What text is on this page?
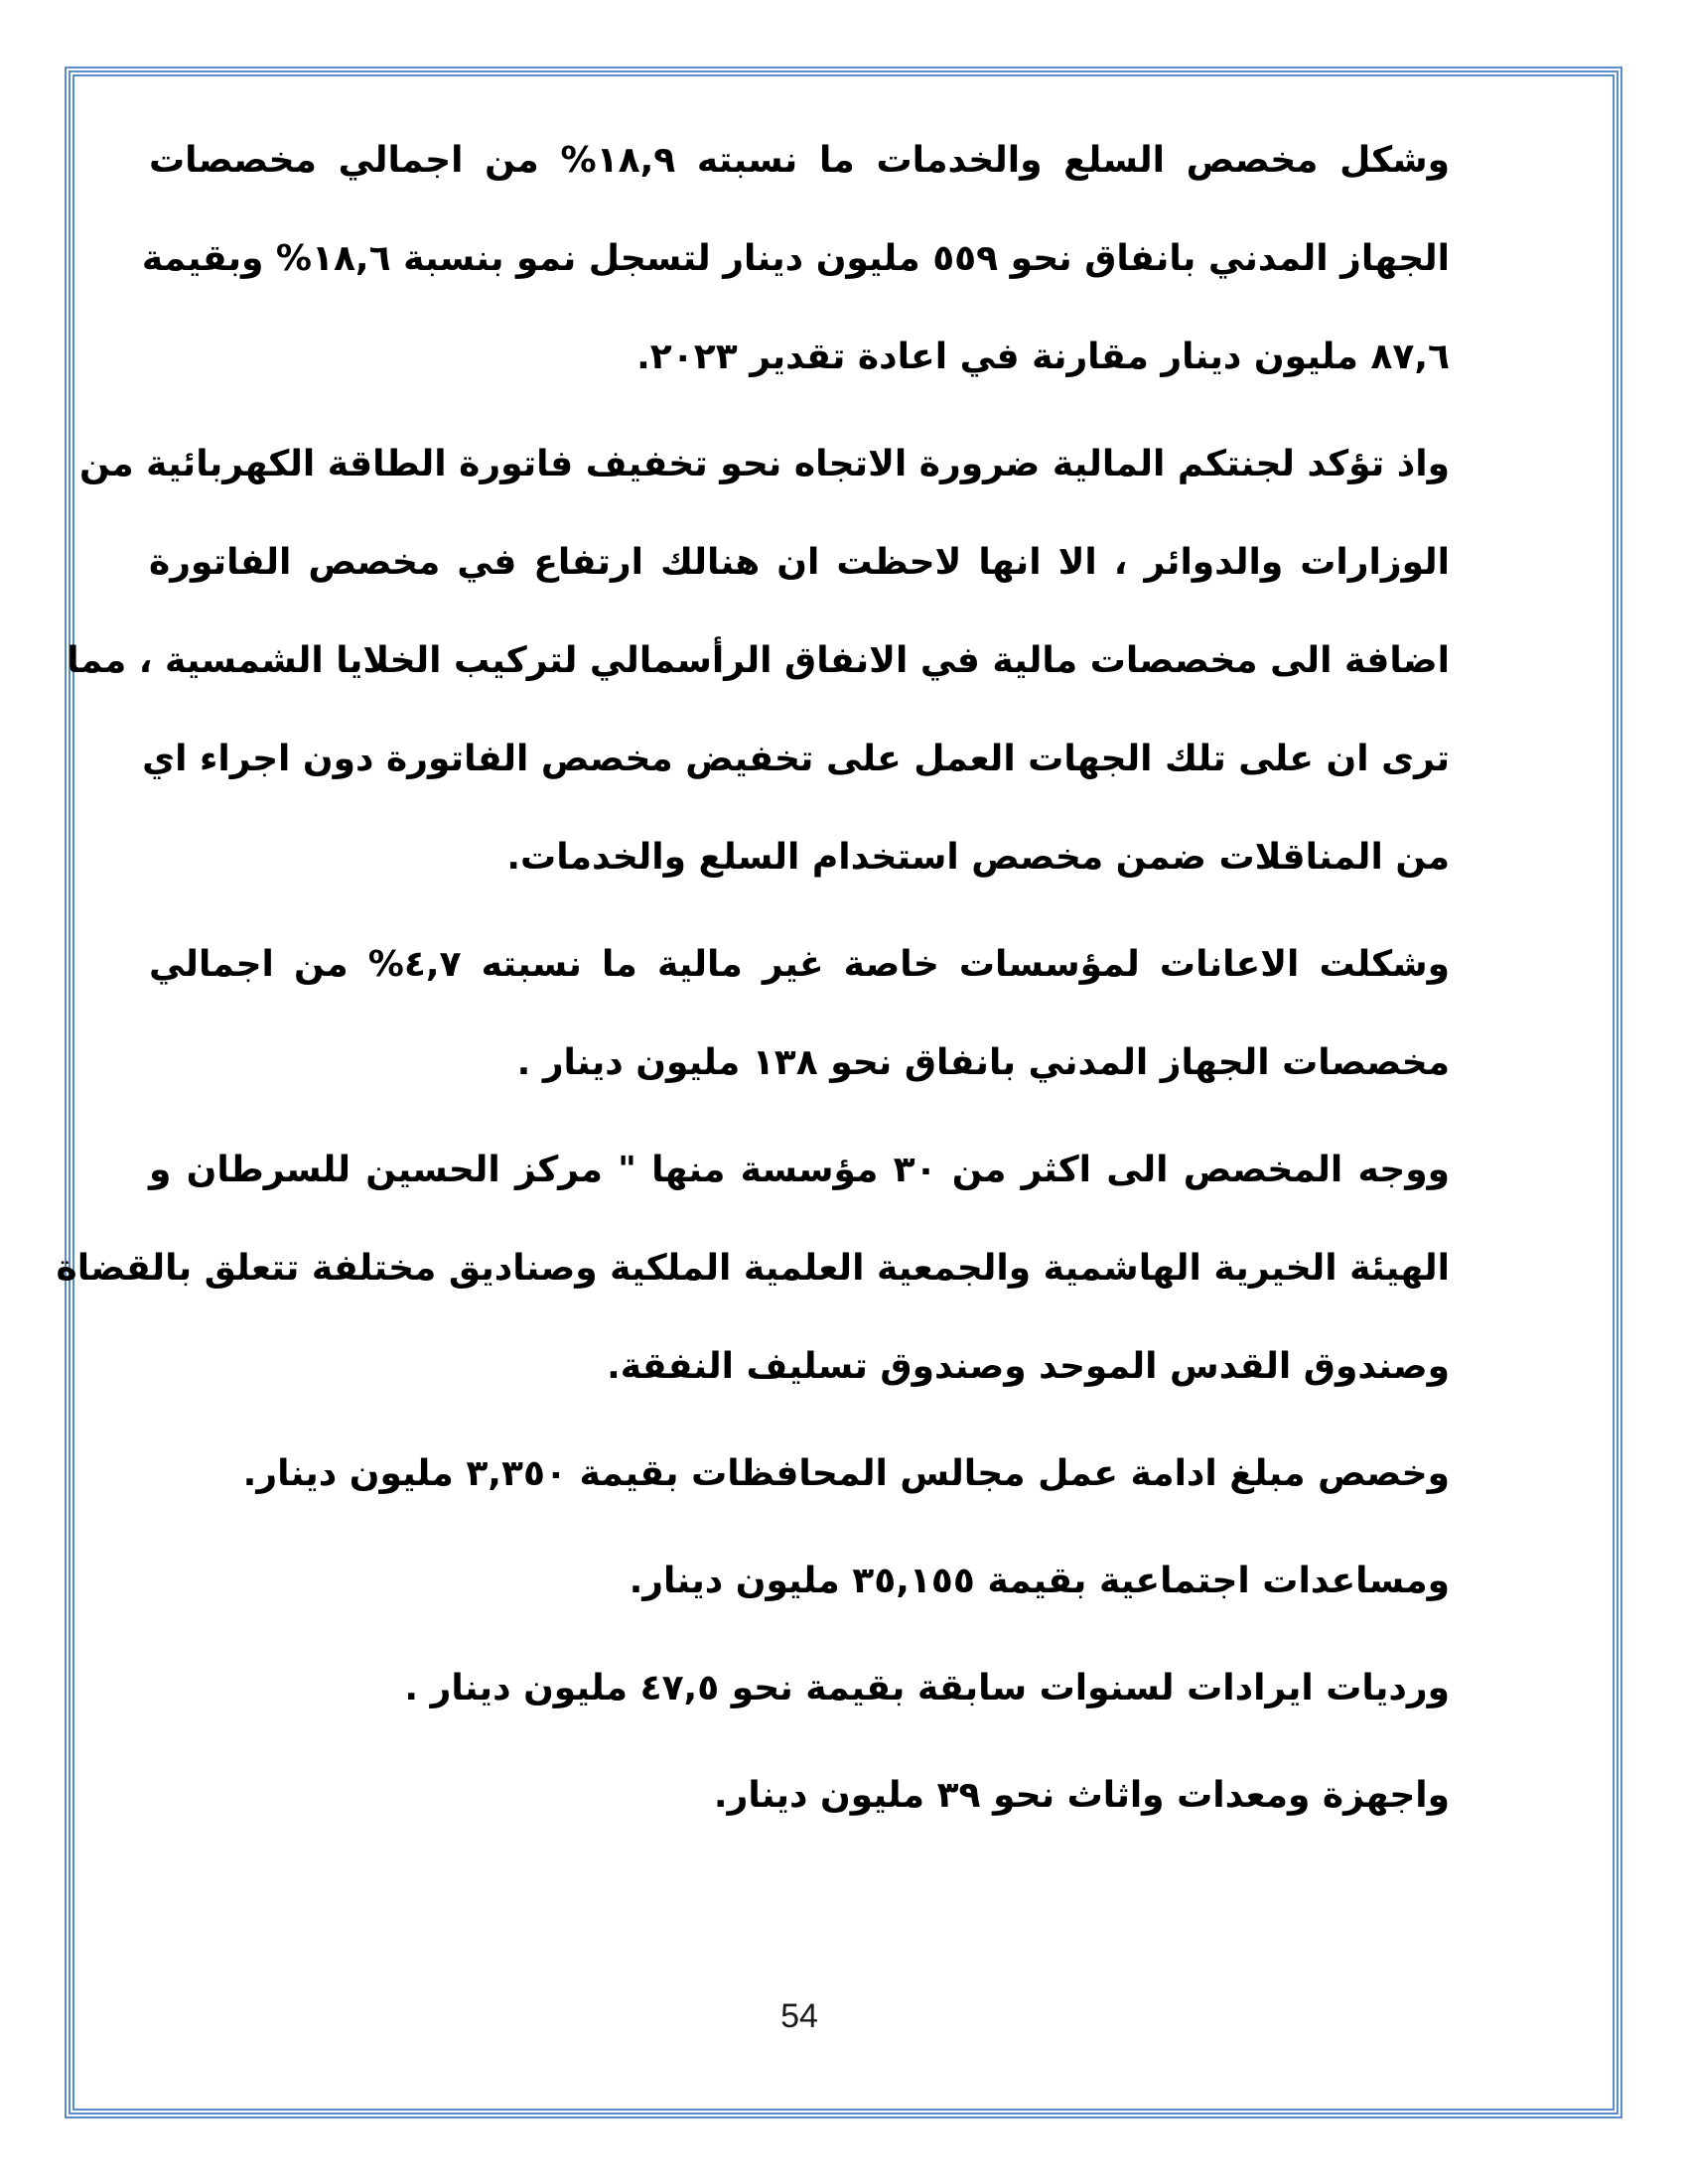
وشكل مخصص السلع والخدمات ما نسبته ١٨,٩% من اجمالي مخصصات
الجهاز المدني بانفاق نحو ٥٥٩ مليون دينار لتسجل نمو بنسبة ١٨,٦% وبقيمة
٨٧,٦ مليون دينار مقارنة في اعادة تقدير ٢٠٢٣.
واذ تؤكد لجنتكم المالية ضرورة الاتجاه نحو تخفيف فاتورة الطاقة الكهربائية من
الوزارات والدوائر ، الا انها لاحظت ان هنالك ارتفاع في مخصص الفاتورة
اضافة الى مخصصات مالية في الانفاق الرأسمالي لتركيب الخلايا الشمسية ، مما
ترى ان على تلك الجهات العمل على تخفيض مخصص الفاتورة دون اجراء اي
من المناقلات ضمن مخصص استخدام السلع والخدمات.
وشكلت الاعانات لمؤسسات خاصة غير مالية ما نسبته ٤,٧% من اجمالي
مخصصات الجهاز المدني بانفاق نحو ١٣٨ مليون دينار .
ووجه المخصص الى اكثر من ٣٠ مؤسسة منها " مركز الحسين للسرطان و
الهيئة الخيرية الهاشمية والجمعية العلمية الملكية وصناديق مختلفة تتعلق بالقضاة
وصندوق القدس الموحد وصندوق تسليف النفقة.
وخصص مبلغ ادامة عمل مجالس المحافظات بقيمة ٣,٣٥٠ مليون دينار.
ومساعدات اجتماعية بقيمة ٣٥,١٥٥ مليون دينار.
ورديات ايرادات لسنوات سابقة بقيمة نحو ٤٧,٥ مليون دينار .
واجهزة ومعدات واثاث نحو ٣٩ مليون دينار.
54
